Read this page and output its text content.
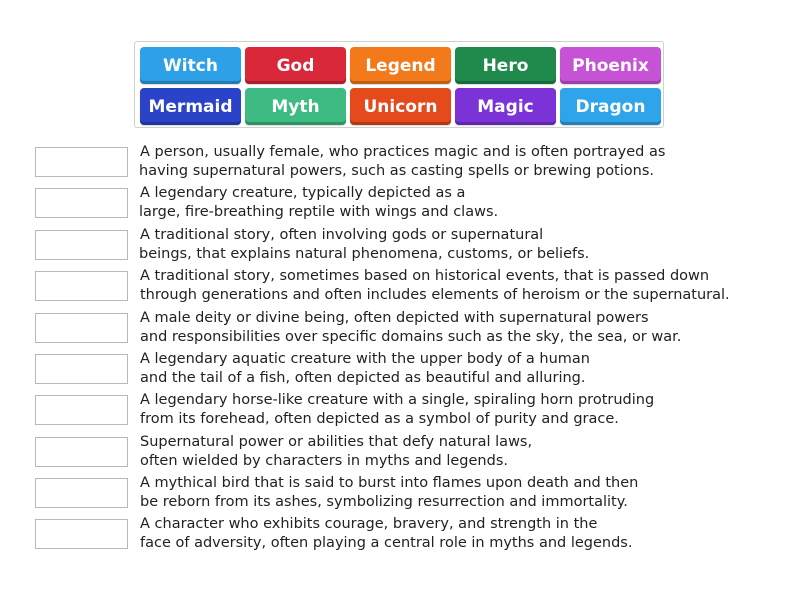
Witch	God	Legend	Hero	Phoenix
Mermaid	Myth	Unicorn	Magic	Dragon
A person, usually female, who practices magic and is often portrayed as
having supernatural powers, such as casting spells or brewing potions.
A legendary creature, typically depicted as a
large, fire-breathing reptile with wings and claws.
A traditional story, often involving gods or supernatural
beings, that explains natural phenomena, customs, or beliefs.
A traditional story, sometimes based on historical events, that is passed down
through generations and often includes elements of heroism or the supernatural.
A male deity or divine being, often depicted with supernatural powers
and responsibilities over specific domains such as the sky, the sea, or war.
A legendary aquatic creature with the upper body of a human
and the tail of a fish, often depicted as beautiful and alluring.
A legendary horse-like creature with a single, spiraling horn protruding
from its forehead, often depicted as a symbol of purity and grace.
Supernatural power or abilities that defy natural laws,
often wielded by characters in myths and legends.
A mythical bird that is said to burst into flames upon death and then
be reborn from its ashes, symbolizing resurrection and immortality.
A character who exhibits courage, bravery, and strength in the
face of adversity, often playing a central role in myths and legends.
